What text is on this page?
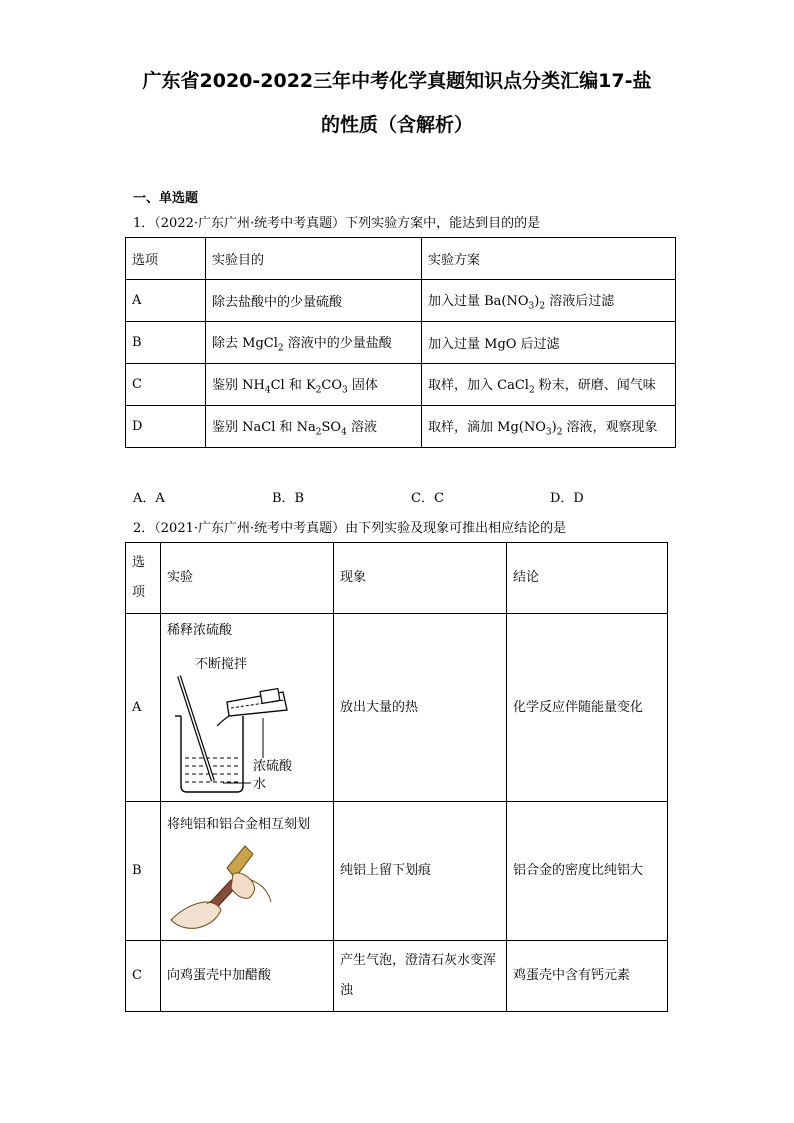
广东省2020-2022三年中考化学真题知识点分类汇编17-盐
的性质（含解析）
一、单选题
1．（2022·广东广州·统考中考真题）下列实验方案中，能达到目的的是
选项	实验目的	实验方案
A	除去盐酸中的少量硫酸	加入过量 $Ba(NO_3)_2$ 溶液后过滤
B	除去 MgCl$_2$ 溶液中的少量盐酸	加入过量 MgO 后过滤
C	鉴别 $NH_4Cl$ 和 $K_2CO_3$ 固体	取样，加入 CaCl$_2$ 粉末，研磨、闻气味
D	鉴别 NaCl 和 $Na_2SO_4$ 溶液	取样，滴加 $Mg(NO_3)_2$ 溶液，观察现象
A．A	B．B	C．C	D．D
2．（2021·广东广州·统考中考真题）由下列实验及现象可推出相应结论的是
选项	实验	现象	结论
A	稀释浓硫酸
不断搅拌
浓硫酸
水	放出大量的热	化学反应伴随能量变化
B	将纯铝和铝合金相互刻划	纯铝上留下划痕	铝合金的密度比纯铝大
C	向鸡蛋壳中加醋酸	产生气泡，澄清石灰水变浑浊	鸡蛋壳中含有钙元素
